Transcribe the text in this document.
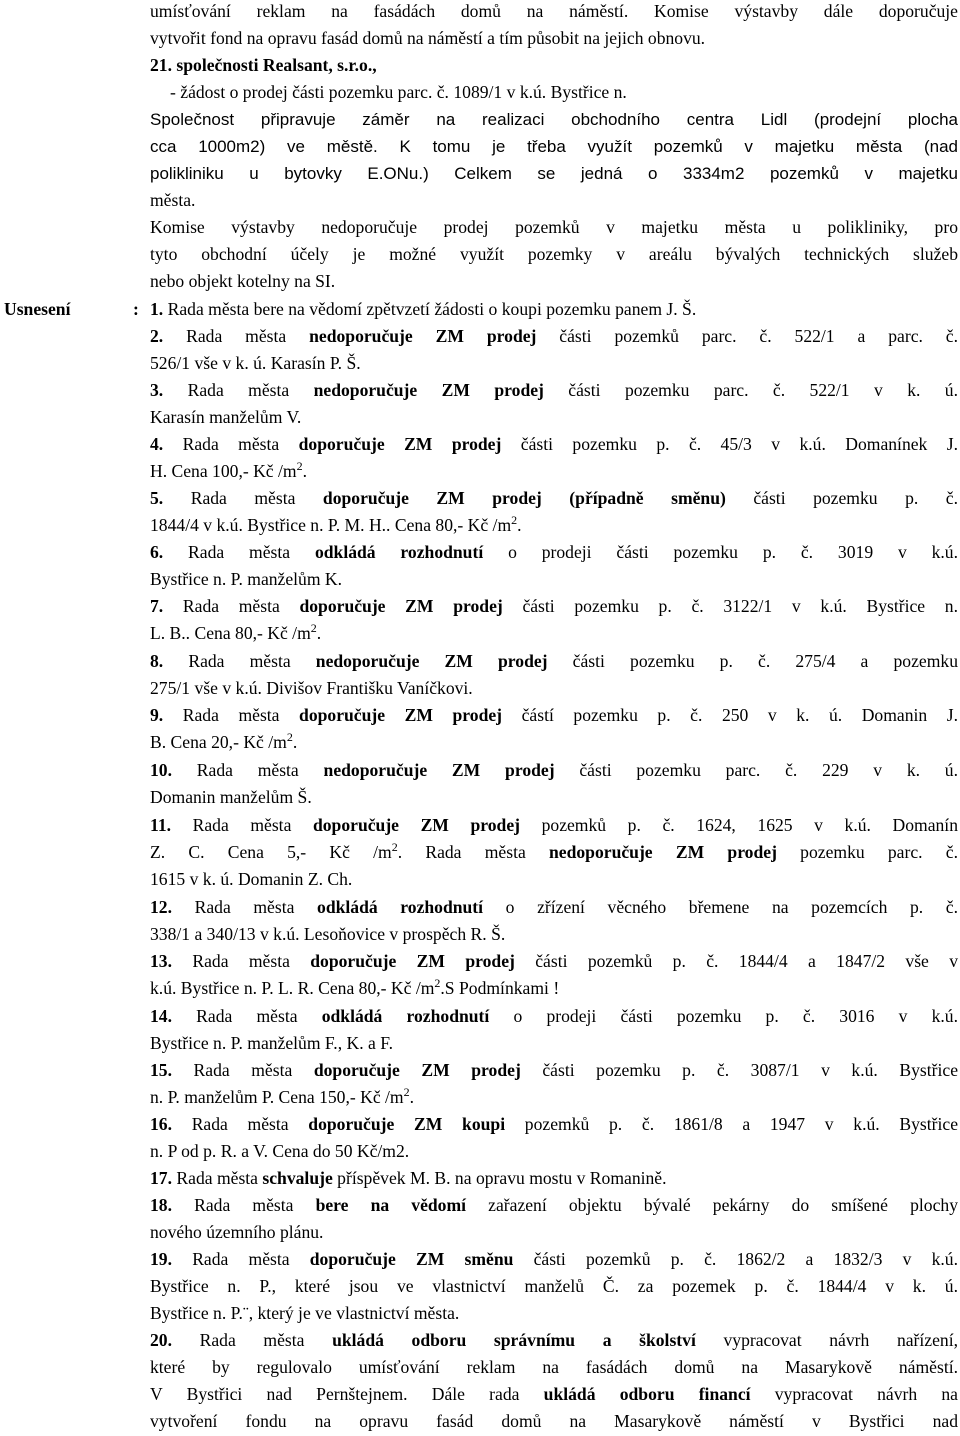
umísťování reklam na fasádách domů na náměstí. Komise výstavby dále doporučuje
vytvořit fond na opravu fasád domů na náměstí a tím působit na jejich obnovu.
21. společnosti Realsant, s.r.o.,
- žádost o prodej části pozemku parc. č. 1089/1 v k.ú. Bystřice n.
Společnost připravuje záměr na realizaci obchodního centra Lidl (prodejní plocha
cca 1000m2) ve městě. K tomu je třeba využít pozemků v majetku města (nad
polikliniku u bytovky E.ONu.) Celkem se jedná o 3334m2 pozemků v majetku
města.
Komise výstavby nedoporučuje prodej pozemků v majetku města u polikliniky, pro
tyto obchodní účely je možné využít pozemky v areálu bývalých technických služeb
nebo objekt kotelny na SI.
Usnesení	: 1. Rada města bere na vědomí zpětvzetí žádosti o koupi pozemku panem J. Š.
2. Rada města nedoporučuje ZM prodej části pozemků parc. č. 522/1 a parc. č.
526/1 vše v k. ú. Karasín P. Š.
3. Rada města nedoporučuje ZM prodej části pozemku parc. č. 522/1 v k. ú.
Karasín manželům V.
4. Rada města doporučuje ZM prodej části pozemku p. č. 45/3 v k.ú. Domanínek J.
H. Cena 100,- Kč $/m^2$.
5. Rada města doporučuje ZM prodej (případně směnu) části pozemku p. č.
1844/4 v k.ú. Bystřice n. P. M. H.. Cena 80,- Kč $/m^2$.
6. Rada města odkládá rozhodnutí o prodeji části pozemku p. č. 3019 v k.ú.
Bystřice n. P. manželům K.
7. Rada města doporučuje ZM prodej části pozemku p. č. 3122/1 v k.ú. Bystřice n.
L. B.. Cena 80,- Kč $/m^2$.
8. Rada města nedoporučuje ZM prodej části pozemku p. č. 275/4 a pozemku
275/1 vše v k.ú. Divišov Františku Vaníčkovi.
9. Rada města doporučuje ZM prodej částí pozemku p. č. 250 v k. ú. Domanin J.
B. Cena 20,- Kč $/m^2$.
10. Rada města nedoporučuje ZM prodej části pozemku parc. č. 229 v k. ú.
Domanin manželům Š.
11. Rada města doporučuje ZM prodej pozemků p. č. 1624, 1625 v k.ú. Domanín
Z. C. Cena 5,- Kč $/m^2$. Rada města nedoporučuje ZM prodej pozemku parc. č.
1615 v k. ú. Domanin Z. Ch.
12. Rada města odkládá rozhodnutí o zřízení věcného břemene na pozemcích p. č.
338/1 a 340/13 v k.ú. Lesoňovice v prospěch R. Š.
13. Rada města doporučuje ZM prodej části pozemků p. č. 1844/4 a 1847/2 vše v
k.ú. Bystřice n. P. L. R. Cena 80,- Kč $/m^2.S$ Podmínkami !
14. Rada města odkládá rozhodnutí o prodeji části pozemku p. č. 3016 v k.ú.
Bystřice n. P. manželům F., K. a F.
15. Rada města doporučuje ZM prodej části pozemku p. č. 3087/1 v k.ú. Bystřice
n. P. manželům P. Cena 150,- Kč $/m^2$.
16. Rada města doporučuje ZM koupi pozemků p. č. 1861/8 a 1947 v k.ú. Bystřice
n. P od p. R. a V. Cena do 50 Kč/m2.
17. Rada města schvaluje příspěvek M. B. na opravu mostu v Romanině.
18. Rada města bere na vědomí zařazení objektu bývalé pekárny do smíšené plochy
nového územního plánu.
19. Rada města doporučuje ZM směnu části pozemků p. č. 1862/2 a 1832/3 v k.ú.
Bystřice n. P., které jsou ve vlastnictví manželů Č. za pozemek p. č. 1844/4 v k. ú.
Bystřice n. P.¨, který je ve vlastnictví města.
20. Rada města ukládá odboru správnímu a školství vypracovat návrh nařízení,
které by regulovalo umísťování reklam na fasádách domů na Masarykově náměstí.
V Bystřici nad Pernštejnem. Dále rada ukládá odboru financí vypracovat návrh na
vytvoření fondu na opravu fasád domů na Masarykově náměstí v Bystřici nad
